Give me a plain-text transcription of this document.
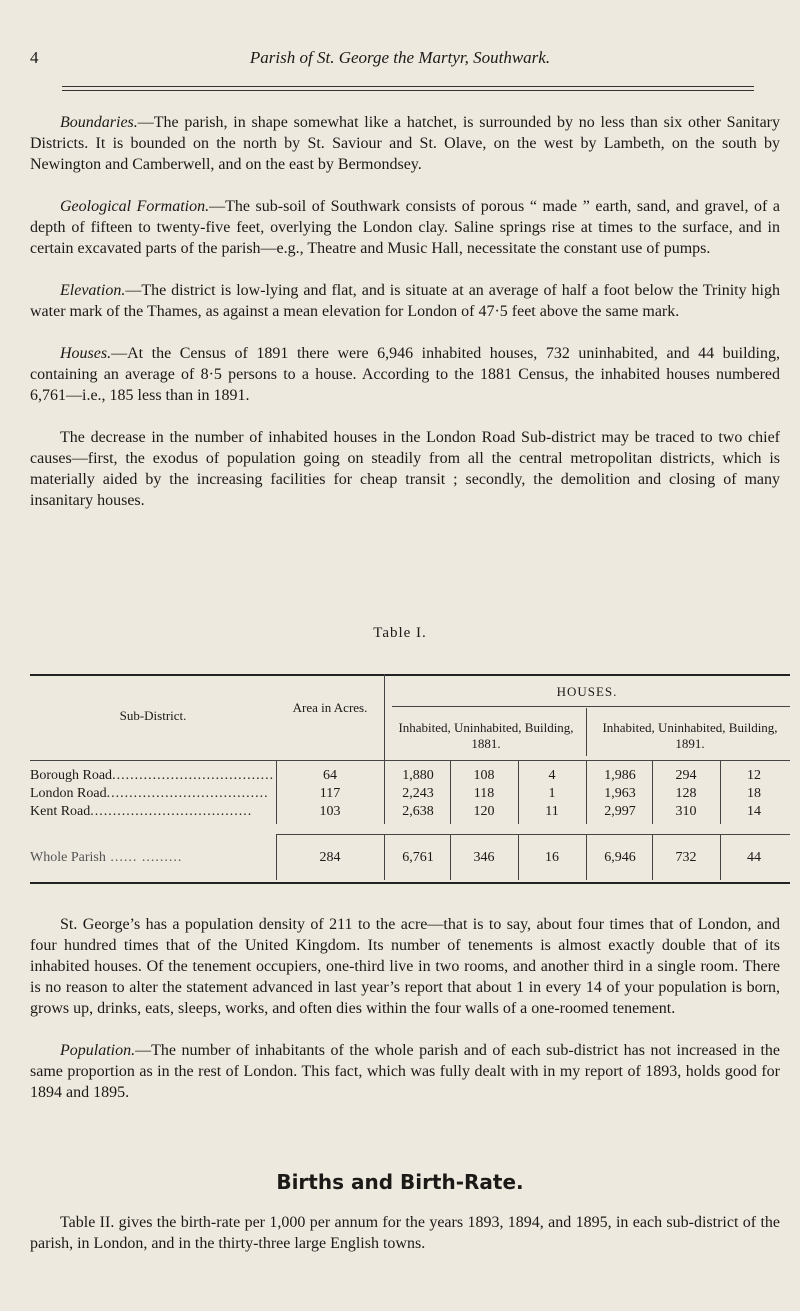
4	Parish of St. George the Martyr, Southwark.

Boundaries.—The parish, in shape somewhat like a hatchet, is surrounded by no less than six other Sanitary Districts. It is bounded on the north by St. Saviour and St. Olave, on the west by Lambeth, on the south by Newington and Camberwell, and on the east by Bermondsey.

Geological Formation.—The sub-soil of Southwark consists of porous “ made ” earth, sand, and gravel, of a depth of fifteen to twenty-five feet, overlying the London clay. Saline springs rise at times to the surface, and in certain excavated parts of the parish—e.g., Theatre and Music Hall, necessitate the constant use of pumps.

Elevation.—The district is low-lying and flat, and is situate at an average of half a foot below the Trinity high water mark of the Thames, as against a mean elevation for London of 47·5 feet above the same mark.

Houses.—At the Census of 1891 there were 6,946 inhabited houses, 732 uninhabited, and 44 building, containing an average of 8·5 persons to a house. According to the 1881 Census, the inhabited houses numbered 6,761—i.e., 185 less than in 1891.

The decrease in the number of inhabited houses in the London Road Sub-district may be traced to two chief causes—first, the exodus of population going on steadily from all the central metropolitan districts, which is materially aided by the increasing facilities for cheap transit ; secondly, the demolition and closing of many insanitary houses.

Table I.
Sub-District.
Area in Acres.
HOUSES.
Inhabited, Uninhabited, Building, 1881.
Inhabited, Uninhabited, Building, 1891.
Borough Road....................................	64	1,880	108	4	1,986	294	12
London Road....................................	117	2,243	118	1	1,963	128	18
Kent Road....................................	103	2,638	120	11	2,997	310	14
Whole Parish ...... .........	284	6,761	346	16	6,946	732	44

St. George’s has a population density of 211 to the acre—that is to say, about four times that of London, and four hundred times that of the United Kingdom. Its number of tenements is almost exactly double that of its inhabited houses. Of the tenement occupiers, one-third live in two rooms, and another third in a single room. There is no reason to alter the statement advanced in last year’s report that about 1 in every 14 of your population is born, grows up, drinks, eats, sleeps, works, and often dies within the four walls of a one-roomed tenement.

Population.—The number of inhabitants of the whole parish and of each sub-district has not increased in the same proportion as in the rest of London. This fact, which was fully dealt with in my report of 1893, holds good for 1894 and 1895.

Births and Birth-Rate.

Table II. gives the birth-rate per 1,000 per annum for the years 1893, 1894, and 1895, in each sub-district of the parish, in London, and in the thirty-three large English towns.
